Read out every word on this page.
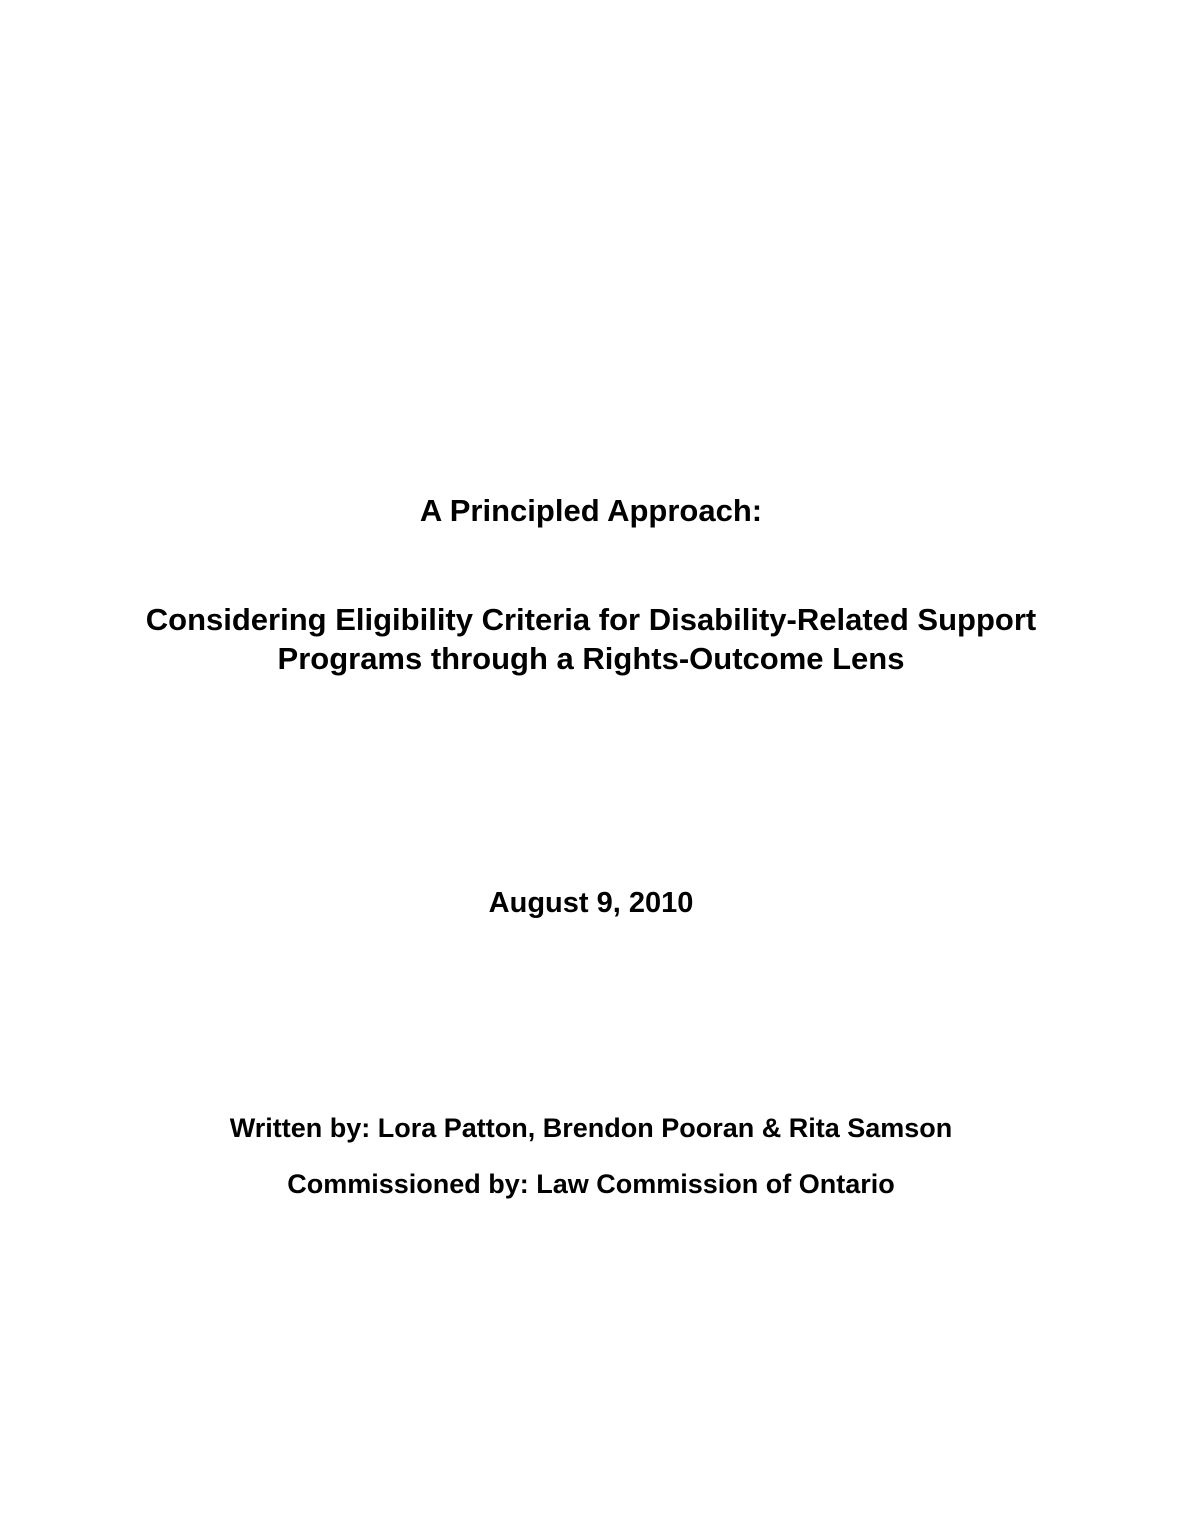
A Principled Approach:
Considering Eligibility Criteria for Disability-Related Support
Programs through a Rights-Outcome Lens
August 9, 2010
Written by: Lora Patton, Brendon Pooran & Rita Samson
Commissioned by: Law Commission of Ontario
